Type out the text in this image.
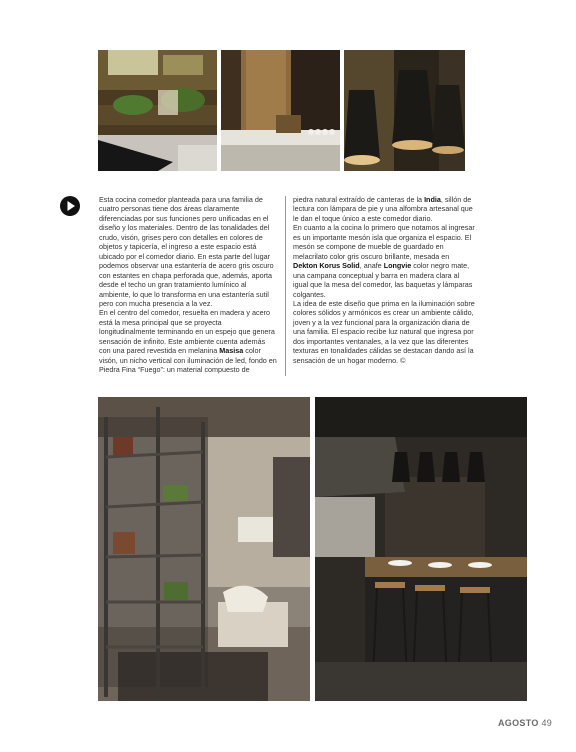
Esta cocina comedor planteada para una familia de cuatro personas tiene dos áreas claramente diferenciadas por sus funciones pero unificadas en el diseño y los materiales. Dentro de las tonalidades del crudo, visón, grises pero con detalles en colores de objetos y tapicería, el ingreso a este espacio está ubicado por el comedor diario. En esta parte del lugar podemos observar una estantería de acero gris oscuro con estantes en chapa perforada que, además, aporta desde el techo un gran tratamiento lumínico al ambiente, lo que lo transforma en una estantería sutil pero con mucha presencia a la vez.

En el centro del comedor, resuelta en madera y acero está la mesa principal que se proyecta longitudinalmente terminando en un espejo que genera sensación de infinito. Este ambiente cuenta además con una pared revestida en melanina Masisa color visón, un nicho vertical con iluminación de led, fondo en Piedra Fina “Fuego”: un material compuesto de

piedra natural extraído de canteras de la India, sillón de lectura con lámpara de pie y una alfombra artesanal que le dan el toque único a este comedor diario.

En cuanto a la cocina lo primero que notamos al ingresar es un importante mesón isla que organiza el espacio. El mesón se compone de mueble de guardado en melacrilato color gris oscuro brillante, mesada en Dekton Korus Solid, anafe Longvie color negro mate, una campana conceptual y barra en madera clara al igual que la mesa del comedor, las baquetas y lámparas colgantes.

La idea de este diseño que prima en la iluminación sobre colores sólidos y armónicos es crear un ambiente cálido, joven y a la vez funcional para la organización diaria de una familia. El espacio recibe luz natural que ingresa por dos importantes ventanales, a la vez que las diferentes texturas en tonalidades cálidas se destacan dando así la sensación de un hogar moderno. ©

AGOSTO 49
